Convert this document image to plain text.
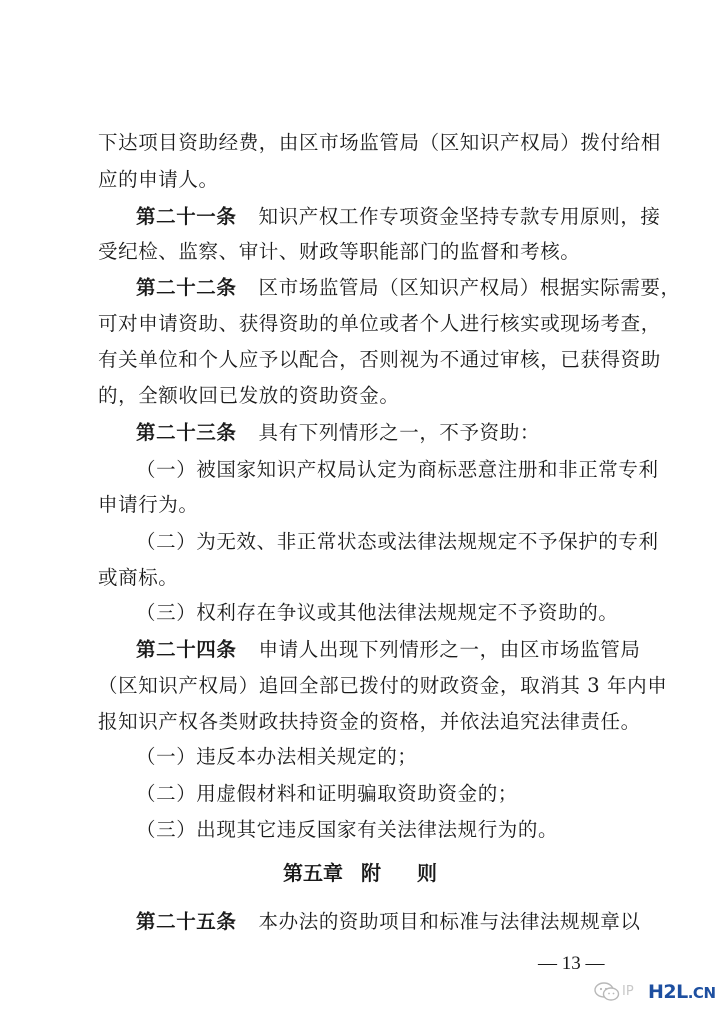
下达项目资助经费，由区市场监管局（区知识产权局）拨付给相
应的申请人。
第二十一条 知识产权工作专项资金坚持专款专用原则，接
受纪检、监察、审计、财政等职能部门的监督和考核。
第二十二条 区市场监管局（区知识产权局）根据实际需要，
可对申请资助、获得资助的单位或者个人进行核实或现场考查，
有关单位和个人应予以配合，否则视为不通过审核，已获得资助
的，全额收回已发放的资助资金。
第二十三条 具有下列情形之一，不予资助：
（一）被国家知识产权局认定为商标恶意注册和非正常专利
申请行为。
（二）为无效、非正常状态或法律法规规定不予保护的专利
或商标。
（三）权利存在争议或其他法律法规规定不予资助的。
第二十四条 申请人出现下列情形之一，由区市场监管局
（区知识产权局）追回全部已拨付的财政资金，取消其 3 年内申
报知识产权各类财政扶持资金的资格，并依法追究法律责任。
（一）违反本办法相关规定的；
（二）用虚假材料和证明骗取资助资金的；
（三）出现其它违反国家有关法律法规行为的。
第五章 附 则
第二十五条 本办法的资助项目和标准与法律法规规章以
— 13 —
IP H2L.CN
